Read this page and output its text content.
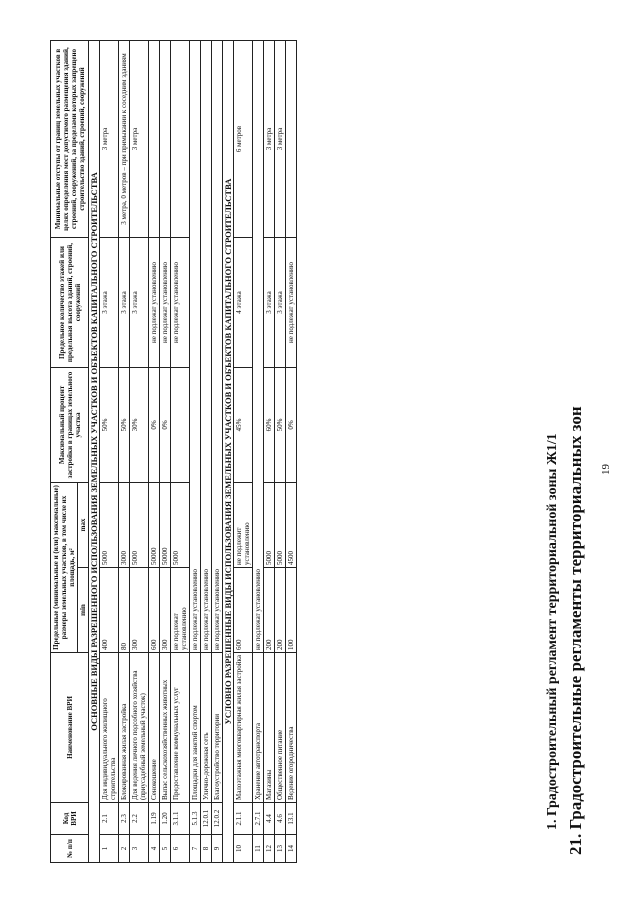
19
21. Градостроительные регламенты территориальных зон
1. Градостроительный регламент территориальной зоны Ж1/1
№ п/п	Код ВРИ	Наименование ВРИ	Предельные (минимальные и (или) максимальные) размеры земельных участков, в том числе их площадь, м²		Максимальный процент застройки в границах земельного участка	Предельное количество этажей или предельная высота зданий, строений, сооружений	Минимальные отступы от границ земельных участков в целях определения мест допустимого размещения зданий, строений, сооружений, за пределами которых запрещено строительство зданий, строений, сооружений
			min	max			
ОСНОВНЫЕ ВИДЫ РАЗРЕШЕННОГО ИСПОЛЬЗОВАНИЯ ЗЕМЕЛЬНЫХ УЧАСТКОВ И ОБЪЕКТОВ КАПИТАЛЬНОГО СТРОИТЕЛЬСТВА							
1	2.1	Для индивидуального жилищного строительства	400	5000	50%	3 этажа	3 метра
2	2.3	Блокированная жилая застройка	80	3000	50%	3 этажа	3 метра, 0 метров – при примыкании к соседним зданиям
3	2.2	Для ведения личного подсобного хозяйства (приусадебный земельный участок)	300	5000	30%	3 этажа	3 метра
4	1.19	Сенокошение	600	50000	0%	не подлежат установлению	
5	1.20	Выпас сельскохозяйственных животных	300	50000	0%	не подлежат установлению	
6	3.1.1	Предоставление коммунальных услуг	не подлежат установлению	5000		не подлежат установлению	
7	5.1.3	Площадки для занятий спортом	не подлежат установлению				
8	12.0.1	Улично-дорожная сеть	не подлежат установлению				
9	12.0.2	Благоустройство территории	не подлежат установлению				
УСЛОВНО РАЗРЕШЕННЫЕ ВИДЫ ИСПОЛЬЗОВАНИЯ ЗЕМЕЛЬНЫХ УЧАСТКОВ И ОБЪЕКТОВ КАПИТАЛЬНОГО СТРОИТЕЛЬСТВА							
10	2.1.1	Малоэтажная многоквартирная жилая застройка	600	не подлежит установлению	45%	4 этажа	6 метров
11	2.7.1	Хранение автотранспорта	не подлежат установлению				
12	4.4	Магазины	200	5000	60%	3 этажа	3 метра
13	4.6	Общественное питание	200	5000	50%	3 этажа	3 метра
14	13.1	Ведение огородничества	100	4500	0%	не подлежат установлению	
